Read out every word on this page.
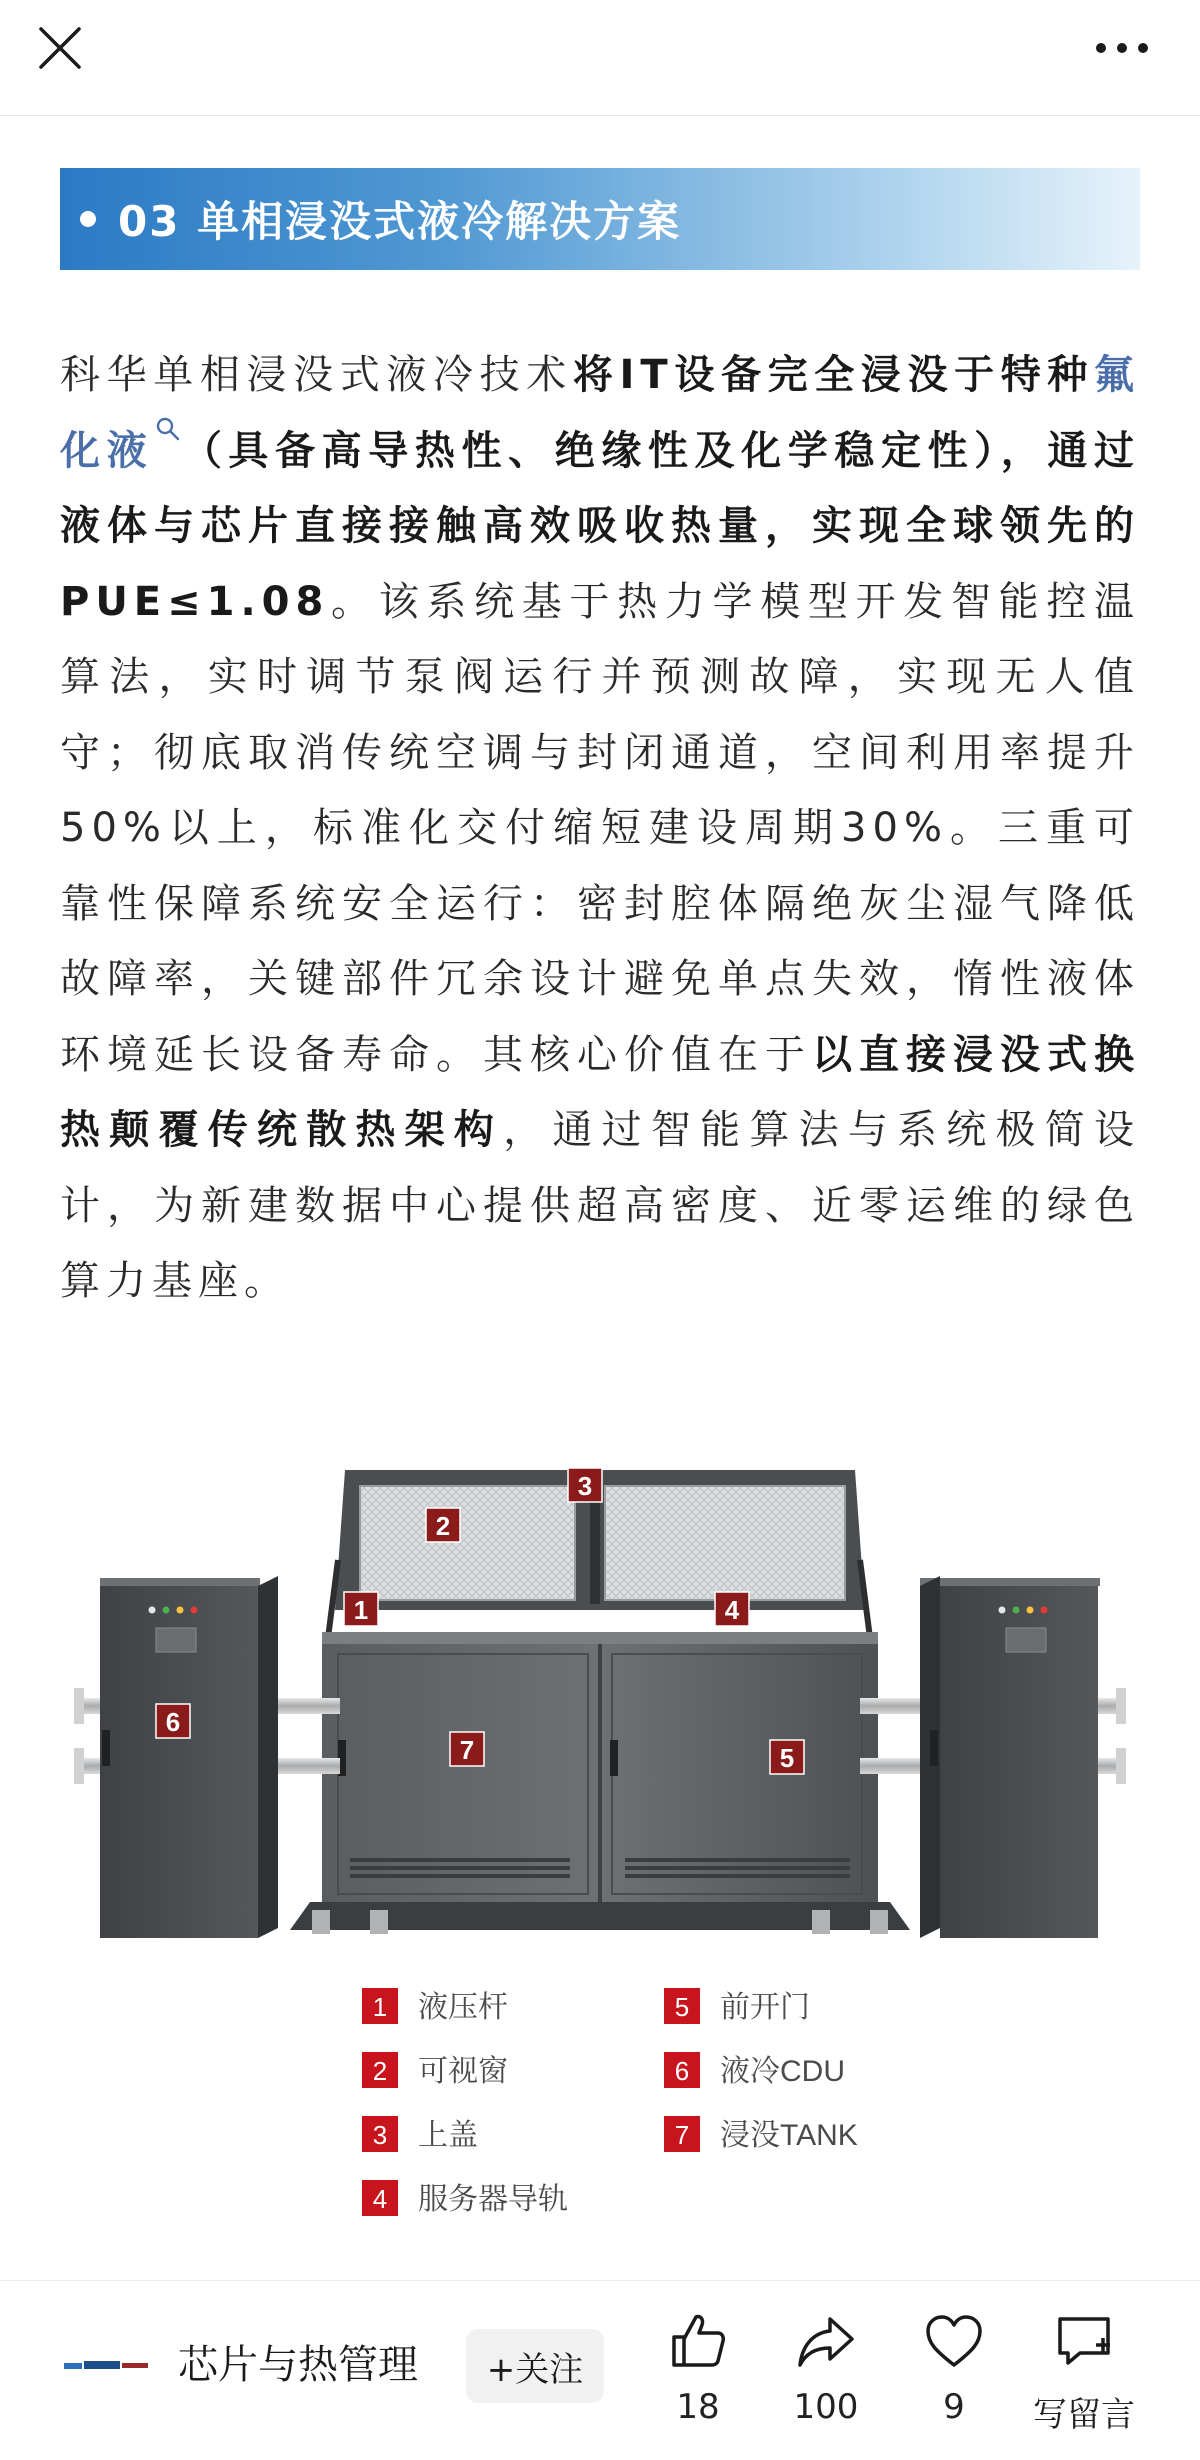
03 单相浸没式液冷解决方案

科华单相浸没式液冷技术将IT设备完全浸没于特种氟化液 （具备高导热性、绝缘性及化学稳定性），通过液体与芯片直接接触高效吸收热量，实现全球领先的PUE≤1.08。该系统基于热力学模型开发智能控温算法，实时调节泵阀运行并预测故障，实现无人值守；彻底取消传统空调与封闭通道，空间利用率提升50%以上，标准化交付缩短建设周期30%。三重可靠性保障系统安全运行：密封腔体隔绝灰尘湿气降低故障率，关键部件冗余设计避免单点失效，惰性液体环境延长设备寿命。其核心价值在于以直接浸没式换热颠覆传统散热架构，通过智能算法与系统极简设计，为新建数据中心提供超高密度、近零运维的绿色算力基座。

1
2
3
4
5
6
7
1
2
3
4
5
6
7
液压杆
可视窗
上盖
服务器导轨
前开门
液冷CDU
浸没TANK
芯片与热管理	+关注
18 100 9 写留言
